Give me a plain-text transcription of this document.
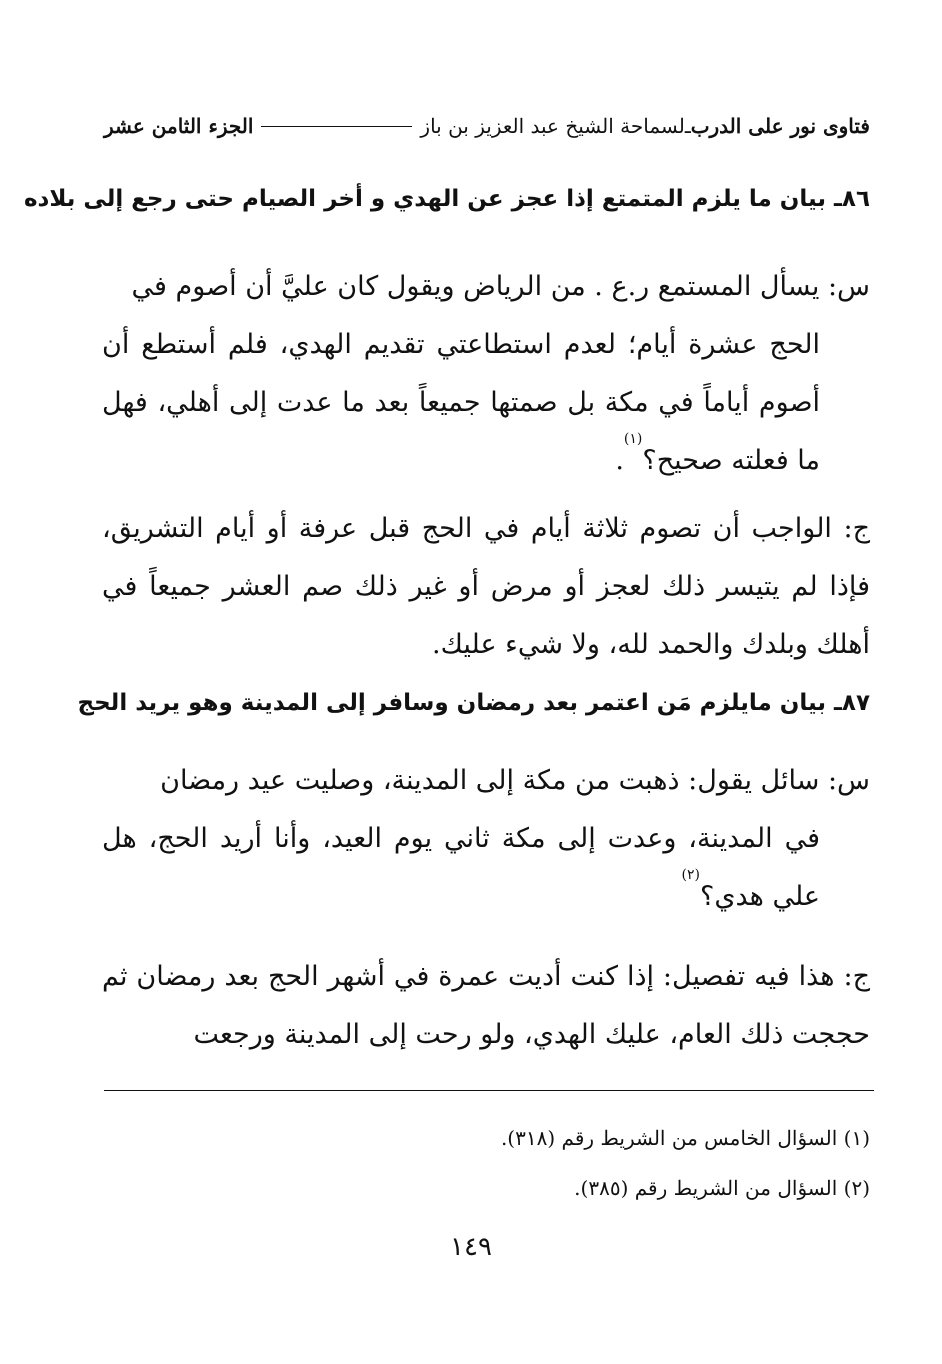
فتاوى نور على الدرب
ـ
لسماحة الشيخ عبد العزيز بن باز
الجزء الثامن عشر
٨٦ـ بيان ما يلزم المتمتع إذا عجز عن الهدي و أخر الصيام حتى رجع إلى بلاده
س: يسأل المستمع ر.ع . من الرياض ويقول كان عليَّ أن أصوم في
الحج عشرة أيام؛ لعدم استطاعتي تقديم الهدي، فلم أستطع أن أصوم أياماً في مكة بل صمتها جميعاً بعد ما عدت إلى أهلي، فهل ما فعلته صحيح؟$^{(١)}$.
ج: الواجب أن تصوم ثلاثة أيام في الحج قبل عرفة أو أيام التشريق، فإذا لم يتيسر ذلك لعجز أو مرض أو غير ذلك صم العشر جميعاً في أهلك وبلدك والحمد لله، ولا شيء عليك.
٨٧ـ بيان مايلزم مَن اعتمر بعد رمضان وسافر إلى المدينة وهو يريد الحج
س: سائل يقول: ذهبت من مكة إلى المدينة، وصليت عيد رمضان
في المدينة، وعدت إلى مكة ثاني يوم العيد، وأنا أريد الحج، هل علي هدي؟$^{(٢)}$
ج: هذا فيه تفصيل: إذا كنت أديت عمرة في أشهر الحج بعد رمضان ثم حججت ذلك العام، عليك الهدي، ولو رحت إلى المدينة ورجعت
(١) السؤال الخامس من الشريط رقم (٣١٨).
(٢) السؤال من الشريط رقم (٣٨٥).
١٤٩
